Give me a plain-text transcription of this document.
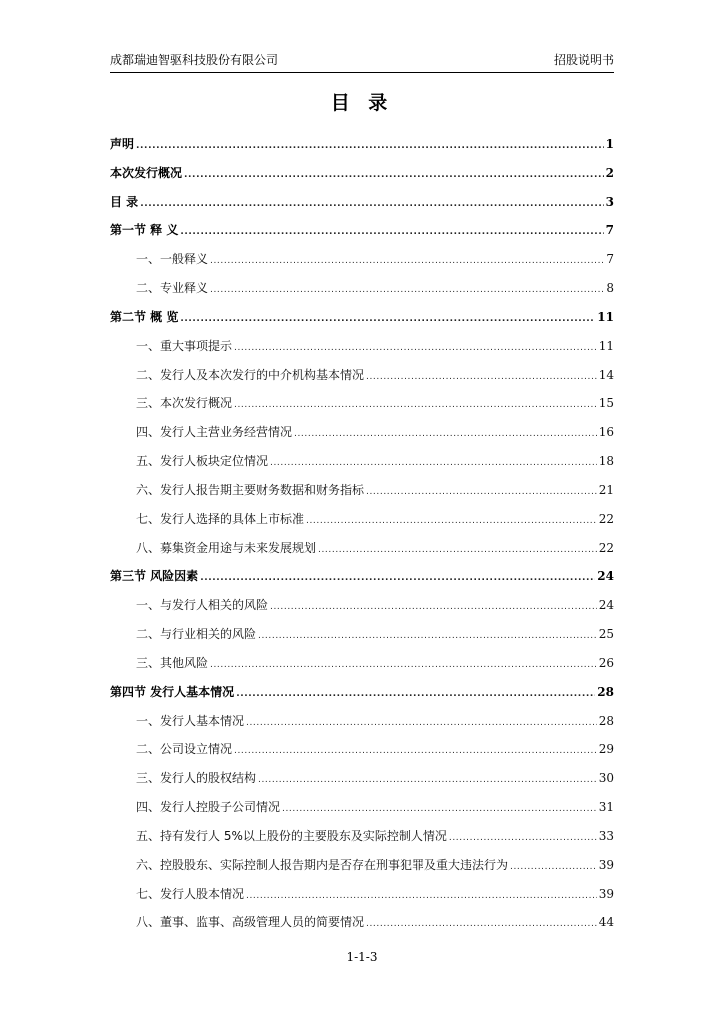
成都瑞迪智驱科技股份有限公司	招股说明书
目 录
声明 .....	1
本次发行概况 .....	2
目 录 .....	3
第一节 释 义 .....	7
一、一般释义 .....	7
二、专业释义 .....	8
第二节 概 览 .....	11
一、重大事项提示 .....	11
二、发行人及本次发行的中介机构基本情况 .....	14
三、本次发行概况 .....	15
四、发行人主营业务经营情况 .....	16
五、发行人板块定位情况 .....	18
六、发行人报告期主要财务数据和财务指标 .....	21
七、发行人选择的具体上市标准 .....	22
八、募集资金用途与未来发展规划 .....	22
第三节 风险因素 .....	24
一、与发行人相关的风险 .....	24
二、与行业相关的风险 .....	25
三、其他风险 .....	26
第四节 发行人基本情况 .....	28
一、发行人基本情况 .....	28
二、公司设立情况 .....	29
三、发行人的股权结构 .....	30
四、发行人控股子公司情况 .....	31
五、持有发行人 5%以上股份的主要股东及实际控制人情况 .....	33
六、控股股东、实际控制人报告期内是否存在刑事犯罪及重大违法行为 .....	39
七、发行人股本情况 .....	39
八、董事、监事、高级管理人员的简要情况 .....	44
1-1-3
